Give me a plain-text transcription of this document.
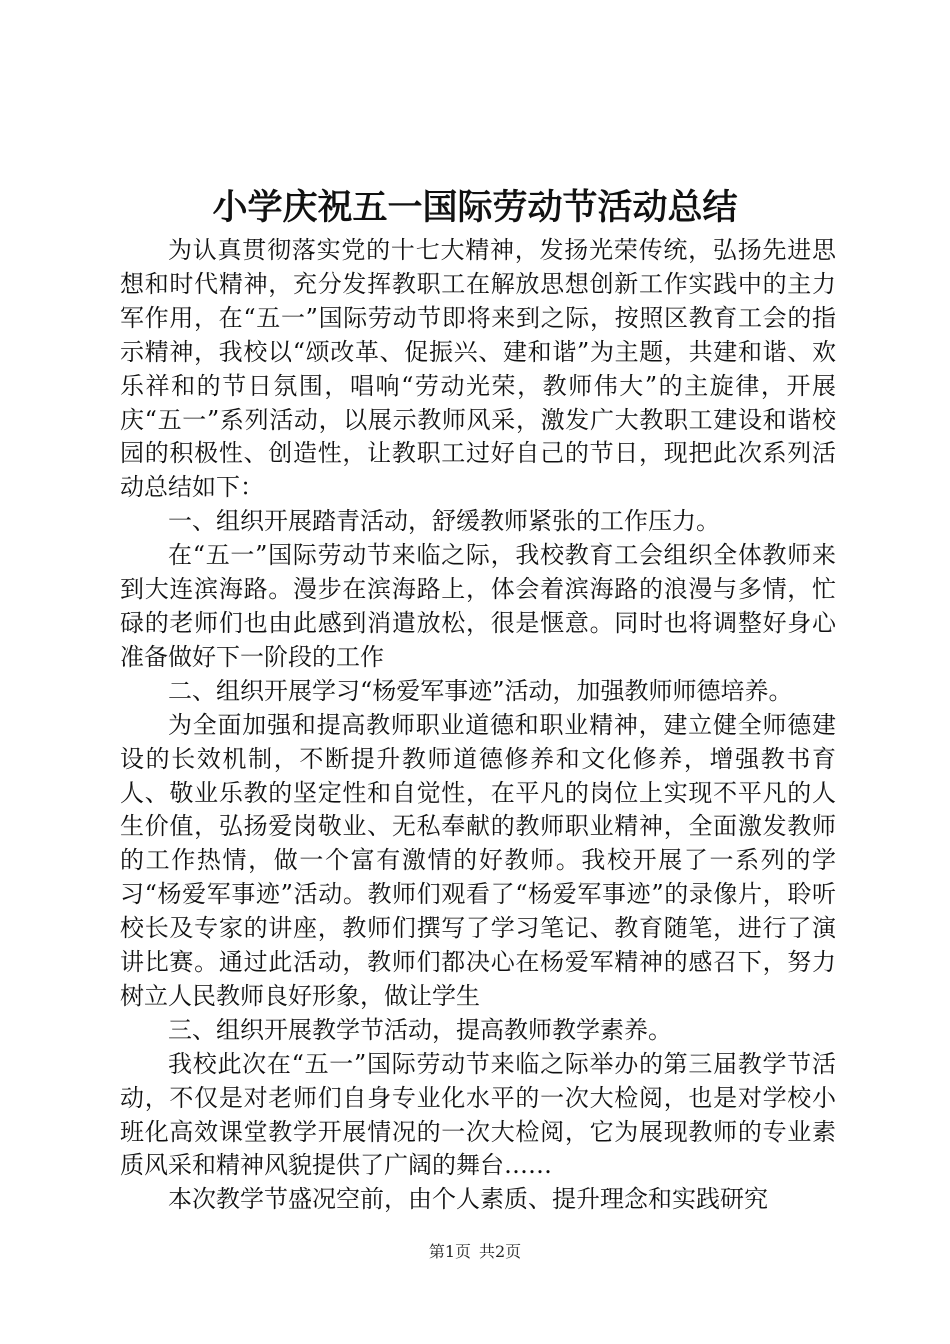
小学庆祝五一国际劳动节活动总结

为认真贯彻落实党的十七大精神，发扬光荣传统，弘扬先进思想和时代精神，充分发挥教职工在解放思想创新工作实践中的主力军作用，在“五一”国际劳动节即将来到之际，按照区教育工会的指示精神，我校以“颂改革、促振兴、建和谐”为主题，共建和谐、欢乐祥和的节日氛围，唱响“劳动光荣，教师伟大”的主旋律，开展庆“五一”系列活动，以展示教师风采，激发广大教职工建设和谐校园的积极性、创造性，让教职工过好自己的节日，现把此次系列活动总结如下：

一、组织开展踏青活动，舒缓教师紧张的工作压力。

在“五一”国际劳动节来临之际，我校教育工会组织全体教师来到大连滨海路。漫步在滨海路上，体会着滨海路的浪漫与多情，忙碌的老师们也由此感到消遣放松，很是惬意。同时也将调整好身心准备做好下一阶段的工作

二、组织开展学习“杨爱军事迹”活动，加强教师师德培养。

为全面加强和提高教师职业道德和职业精神，建立健全师德建设的长效机制，不断提升教师道德修养和文化修养，增强教书育人、敬业乐教的坚定性和自觉性，在平凡的岗位上实现不平凡的人生价值，弘扬爱岗敬业、无私奉献的教师职业精神，全面激发教师的工作热情，做一个富有激情的好教师。我校开展了一系列的学习“杨爱军事迹”活动。教师们观看了“杨爱军事迹”的录像片，聆听校长及专家的讲座，教师们撰写了学习笔记、教育随笔，进行了演讲比赛。通过此活动，教师们都决心在杨爱军精神的感召下，努力树立人民教师良好形象，做让学生

三、组织开展教学节活动，提高教师教学素养。

我校此次在“五一”国际劳动节来临之际举办的第三届教学节活动，不仅是对老师们自身专业化水平的一次大检阅，也是对学校小班化高效课堂教学开展情况的一次大检阅，它为展现教师的专业素质风采和精神风貌提供了广阔的舞台……

本次教学节盛况空前，由个人素质、提升理念和实践研究

第1页 共2页
